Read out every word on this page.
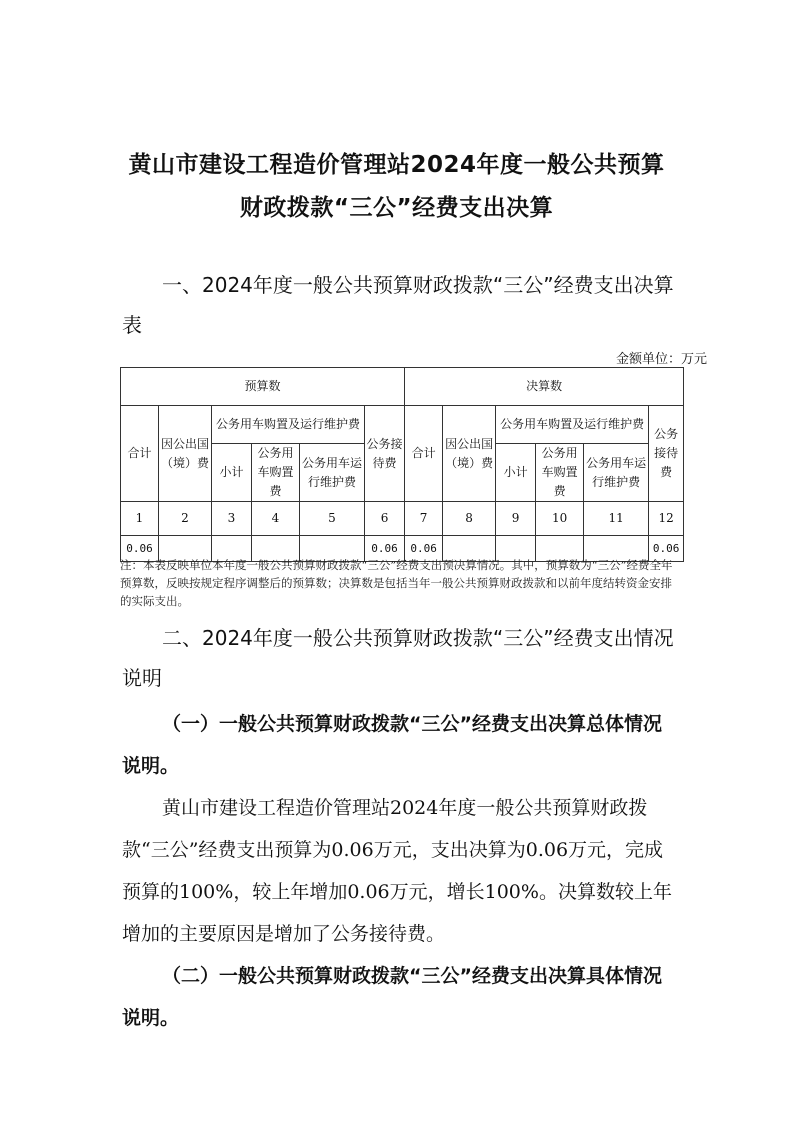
黄山市建设工程造价管理站2024年度一般公共预算
财政拨款“三公”经费支出决算
一、2024年度一般公共预算财政拨款“三公”经费支出决算表
金额单位：万元
预算数						决算数					
合计	因公出国（境）费	公务用车购置及运行维护费			公务接待费	合计	因公出国（境）费	公务用车购置及运行维护费			公务接待费
		小计	公务用车购置费	公务用车运行维护费				小计	公务用车购置费	公务用车运行维护费	
1	2	3	4	5	6	7	8	9	10	11	12
0.06					0.06	0.06					0.06
注：本表反映单位本年度一般公共预算财政拨款“三公”经费支出预决算情况。其中，预算数为“三公”经费全年预算数，反映按规定程序调整后的预算数；决算数是包括当年一般公共预算财政拨款和以前年度结转资金安排的实际支出。
二、2024年度一般公共预算财政拨款“三公”经费支出情况说明
（一）一般公共预算财政拨款“三公”经费支出决算总体情况说明。
黄山市建设工程造价管理站2024年度一般公共预算财政拨款“三公”经费支出预算为0.06万元，支出决算为0.06万元，完成预算的100%，较上年增加0.06万元，增长100%。决算数较上年增加的主要原因是增加了公务接待费。
（二）一般公共预算财政拨款“三公”经费支出决算具体情况说明。
